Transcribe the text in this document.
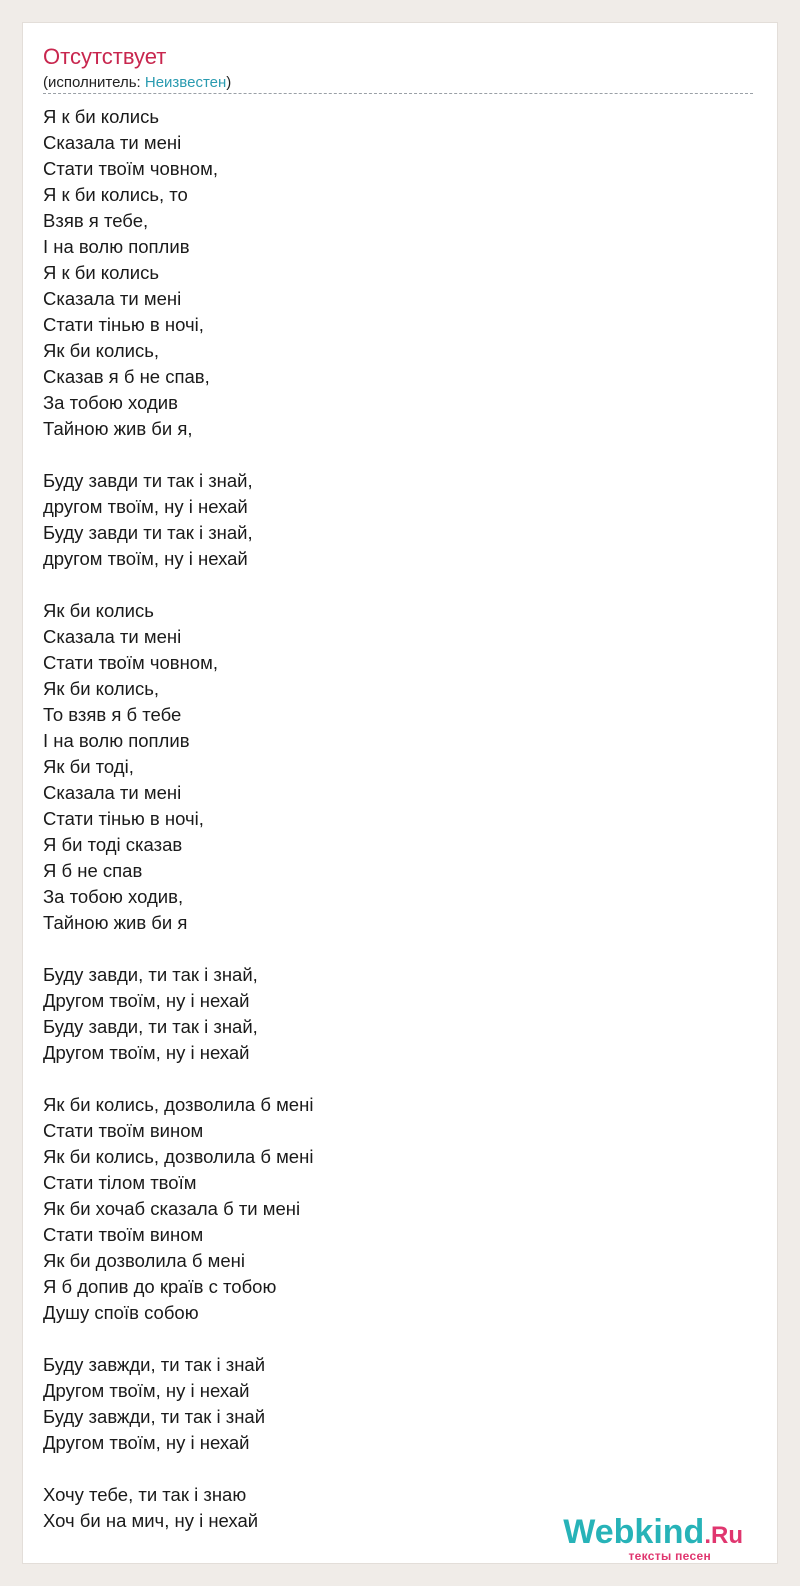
Отсутствует
(исполнитель: Неизвестен)
Я к би колись
Сказала ти мені
Стати твоїм човном,
Я к би колись, то
Взяв я тебе,
І на волю поплив
Я к би колись
Сказала ти мені
Стати тінью в ночі,
Як би колись,
Сказав я б не спав,
За тобою ходив
Тайною жив би я,
Буду завди ти так і знай,
другом твоїм, ну і нехай
Буду завди ти так і знай,
другом твоїм, ну і нехай
Як би колись
Сказала ти мені
Стати твоїм човном,
Як би колись,
То взяв я б тебе
І на волю поплив
Як би тоді,
Сказала ти мені
Стати тінью в ночі,
Я би тоді сказав
Я б не спав
За тобою ходив,
Тайною жив би я
Буду завди, ти так і знай,
Другом твоїм, ну і нехай
Буду завди, ти так і знай,
Другом твоїм, ну і нехай
Як би колись, дозволила б мені
Стати твоїм вином
Як би колись, дозволила б мені
Стати тілом твоїм
Як би хочаб сказала б ти мені
Стати твоїм вином
Як би дозволила б мені
Я б допив до країв с тобою
Душу споїв собою
Буду завжди, ти так і знай
Другом твоїм, ну і нехай
Буду завжди, ти так і знай
Другом твоїм, ну і нехай
Хочу тебе, ти так і знаю
Хоч би на мич, ну і нехай	Webkind.Ru
тексты песен
